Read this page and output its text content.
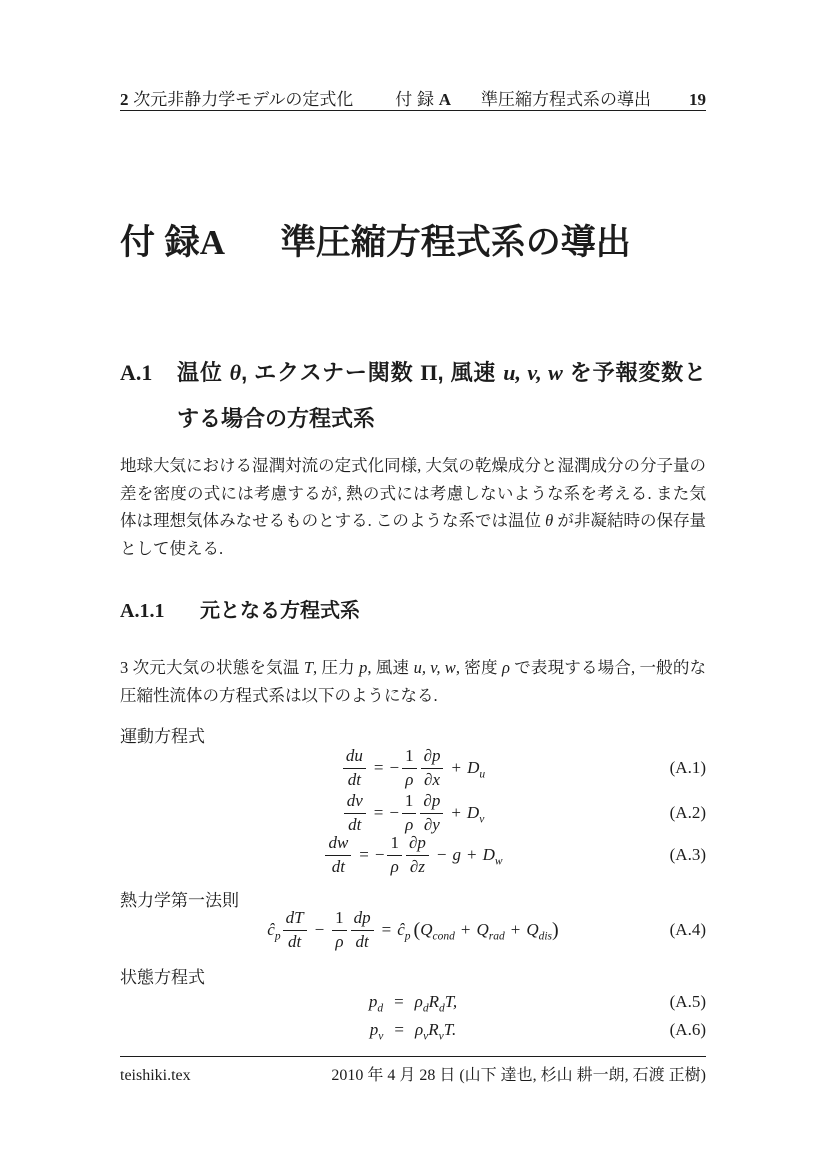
2 次元非静力学モデルの定式化 付 録 A 準圧縮方程式系の導出 19
付 録A 準圧縮方程式系の導出
A.1 温位 θ, エクスナー関数 Π, 風速 u, v, w を予報変数とする場合の方程式系
地球大気における湿潤対流の定式化同様, 大気の乾燥成分と湿潤成分の分子量の差を密度の式には考慮するが, 熱の式には考慮しないような系を考える. また気体は理想気体みなせるものとする. このような系では温位 θ が非凝結時の保存量として使える.
A.1.1 元となる方程式系
3 次元大気の状態を気温 T, 圧力 p, 風速 u, v, w, 密度 ρ で表現する場合, 一般的な圧縮性流体の方程式系は以下のようになる.
運動方程式
$\frac{du}{dt}$ = − $\frac{1}{\rho} \frac{\partial p}{\partial x} + D_u$	(A.1)
$\frac{dv}{dt}$ = − $\frac{1}{\rho} \frac{\partial p}{\partial y} + D_v$	(A.2)
$\frac{dw}{dt}$ = − $\frac{1}{\rho} \frac{\partial p}{\partial z} - g + D_w$	(A.3)
熱力学第一法則
$ĉ_p \frac{dT}{dt} - \frac{1}{\rho} \frac{dp}{dt}$ = $ĉ_p$ ( $Q_{cond} + Q_{rad} + Q_{dis}$ )	(A.4)
状態方程式
$p_d = \rho_d$ $R_d$ T,	(A.5)
$p_v = \rho_v$ $R_v$ T.	(A.6)
teishiki.tex	2010 年 4 月 28 日 (山下 達也, 杉山 耕一朗, 石渡 正樹)
